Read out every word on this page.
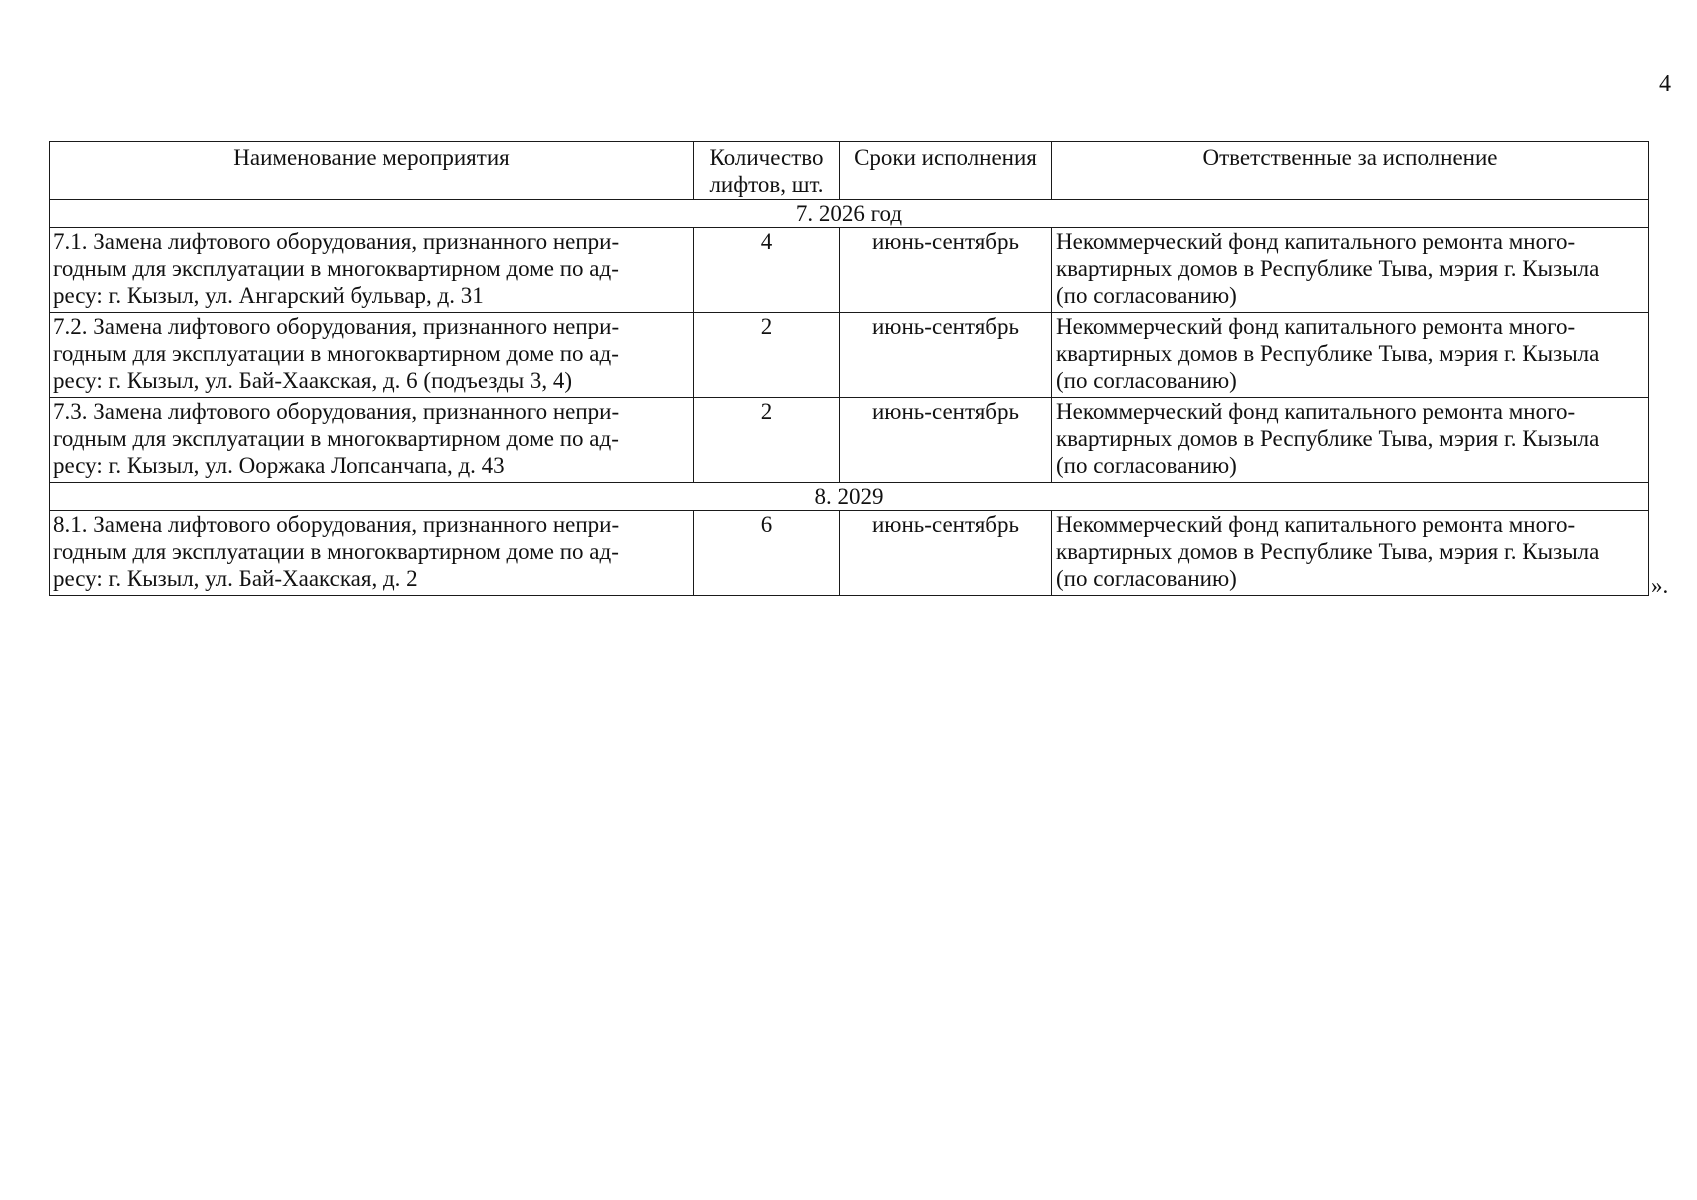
4
Наименование мероприятия	Количество лифтов, шт.	Сроки исполнения	Ответственные за исполнение
7. 2026 год			

7.1. Замена лифтового оборудования, признанного непри-
годным для эксплуатации в многоквартирном доме по ад-
ресу: г. Кызыл, ул. Ангарский бульвар, д. 31	4	июнь-сентябрь	Некоммерческий фонд капитального ремонта много-
квартирных домов в Республике Тыва, мэрия г. Кызыла
(по согласованию)

7.2. Замена лифтового оборудования, признанного непри-
годным для эксплуатации в многоквартирном доме по ад-
ресу: г. Кызыл, ул. Бай-Хаакская, д. 6 (подъезды 3, 4)	2	июнь-сентябрь	Некоммерческий фонд капитального ремонта много-
квартирных домов в Республике Тыва, мэрия г. Кызыла
(по согласованию)

7.3. Замена лифтового оборудования, признанного непри-
годным для эксплуатации в многоквартирном доме по ад-
ресу: г. Кызыл, ул. Ооржака Лопсанчапа, д. 43	2	июнь-сентябрь	Некоммерческий фонд капитального ремонта много-
квартирных домов в Республике Тыва, мэрия г. Кызыла
(по согласованию)
8. 2029			

8.1. Замена лифтового оборудования, признанного непри-
годным для эксплуатации в многоквартирном доме по ад-
ресу: г. Кызыл, ул. Бай-Хаакская, д. 2	6	июнь-сентябрь	Некоммерческий фонд капитального ремонта много-
квартирных домов в Республике Тыва, мэрия г. Кызыла
(по согласованию)	».
